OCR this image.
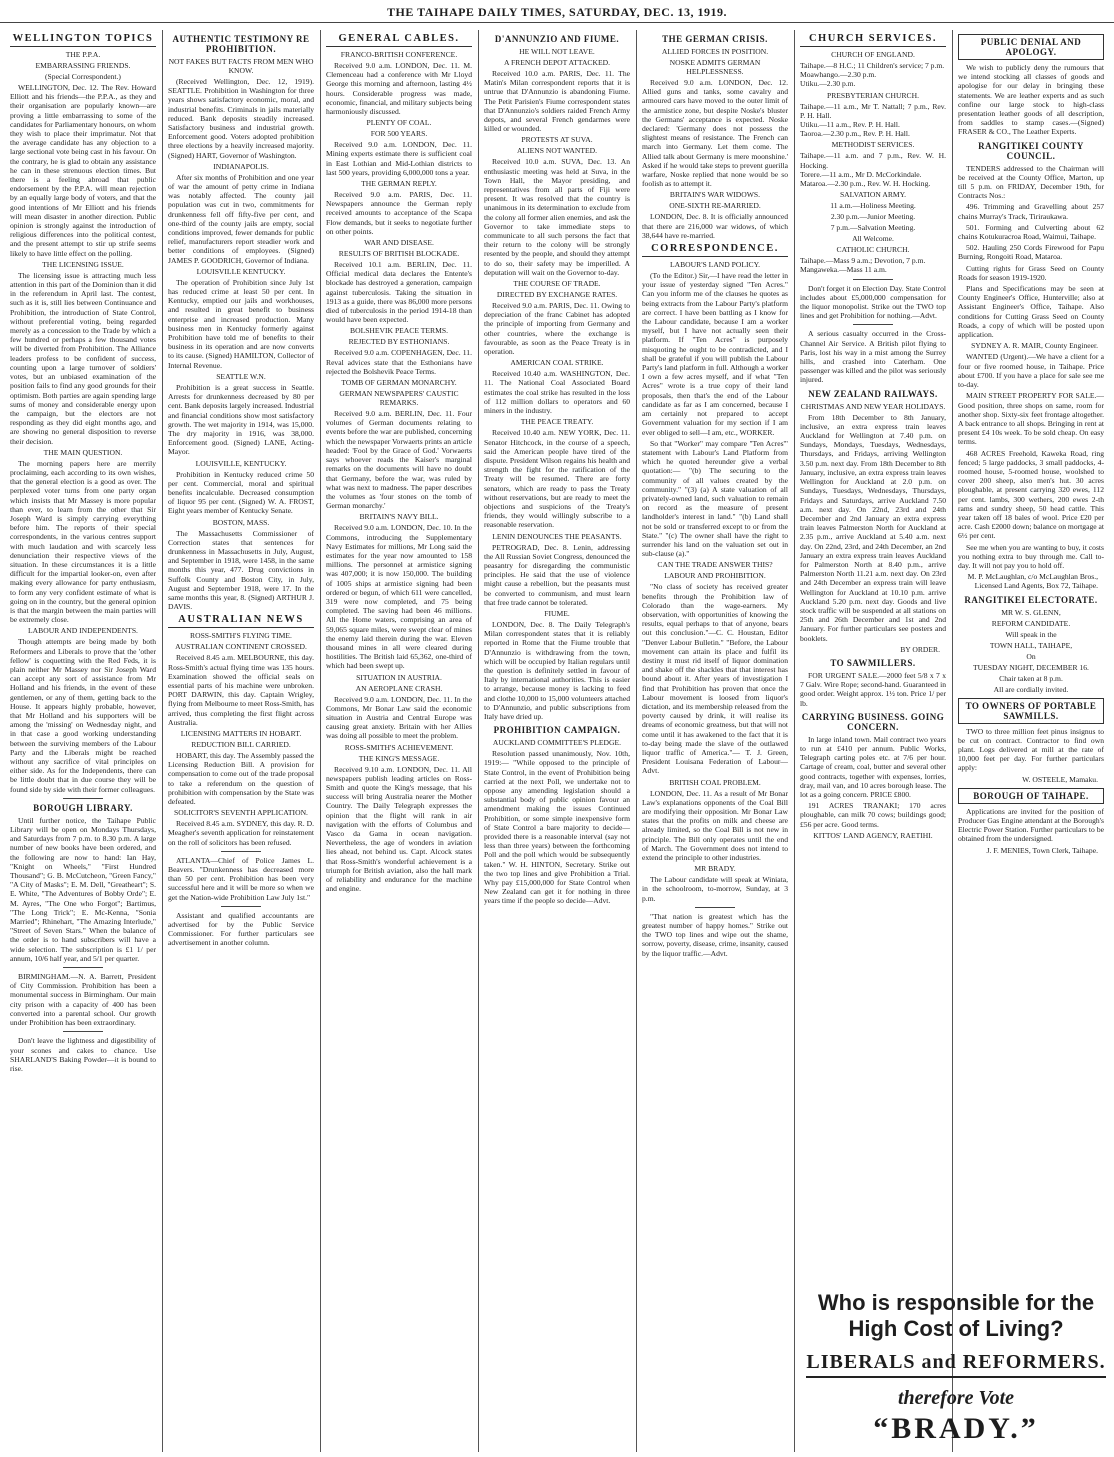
THE TAIHAPE DAILY TIMES, SATURDAY, DEC. 13, 1919.
WELLINGTON TOPICS
THE P.P.A.
EMBARRASSING FRIENDS.
(Special Correspondent.)

WELLINGTON, Dec. 12. The Rev. Howard Elliott and his friends—the P.P.A., as they and their organisation are popularly known—are proving a little embarrassing to some of the candidates for Parliamentary honours, on whom they wish to place their imprimatur. Not that the average candidate has any objection to a large sectional vote being cast in his favour. On the contrary, he is glad to obtain any assistance he can in these strenuous election times. But there is a feeling abroad that public endorsement by the P.P.A. will mean rejection by an equally large body of voters, and that the good intentions of Mr Elliott and his friends will mean disaster in another direction. Public opinion is strongly against the introduction of religious differences into the political contest, and the present attempt to stir up strife seems likely to have little effect on the polling.

THE LICENSING ISSUE.

The licensing issue is attracting much less attention in this part of the Dominion than it did in the referendum in April last. The contest, such as it is, still lies between Continuance and Prohibition, the introduction of State Control, without preferential voting, being regarded merely as a concession to the Trade by which a few hundred or perhaps a few thousand votes will be diverted from Prohibition. The Alliance leaders profess to be confident of success, counting upon a large turnover of soldiers' votes, but an unbiased examination of the position fails to find any good grounds for their optimism. Both parties are again spending large sums of money and considerable energy upon the campaign, but the electors are not responding as they did eight months ago, and are showing no general disposition to reverse their decision.

THE MAIN QUESTION.

The morning papers here are merrily proclaiming, each according to its own wishes, that the general election is a good as over. The perplexed voter turns from one party organ which insists that Mr Massey is more popular than ever, to learn from the other that Sir Joseph Ward is simply carrying everything before him. The reports of their special correspondents, in the various centres support with much laudation and with scarcely less denunciation their respective views of the situation. In these circumstances it is a little difficult for the impartial looker-on, even after making every allowance for party enthusiasm, to form any very confident estimate of what is going on in the country, but the general opinion is that the margin between the main parties will be extremely close.

LABOUR AND INDEPENDENTS.

Though attempts are being made by both Reformers and Liberals to prove that the 'other fellow' is coquetting with the Red Feds, it is plain neither Mr Massey nor Sir Joseph Ward can accept any sort of assistance from Mr Holland and his friends, in the event of these gentlemen, or any of them, getting back to the House. It appears highly probable, however, that Mr Holland and his supporters will be among the 'missing' on Wednesday night, and in that case a good working understanding between the surviving members of the Labour Party and the Liberals might be reached without any sacrifice of vital principles on either side. As for the Independents, there can be little doubt that in due course they will be found side by side with their former colleagues.

BOROUGH LIBRARY.

Until further notice, the Taihape Public Library will be open on Mondays Thursdays, and Saturdays from 7 p.m. to 8.30 p.m. A large number of new books have been ordered, and the following are now to hand: Ian Hay, "Knight on Wheels," "First Hundred Thousand"; G. B. McCutcheon, "Green Fancy," "A City of Masks"; E. M. Dell, "Greatheart"; S. E. White, "The Adventures of Bobby Orde"; E. M. Ayres, "The One who Forgot"; Bartimus, "The Long Trick"; E. Mc-Kenna, "Sonia Married"; Rhinehart, "The Amazing Interlude," "Street of Seven Stars." When the balance of the order is to hand subscribers will have a wide selection. The subscription is £1 1/ per annum, 10/6 half year, and 5/1 per quarter.

BIRMINGHAM.—N. A. Barrett, President of City Commission. Prohibition has been a monumental success in Birmingham. Our main city prison with a capacity of 400 has been converted into a parental school. Our growth under Prohibition has been extraordinary.

Don't leave the lightness and digestibility of your scones and cakes to chance. Use SHARLAND'S Baking Powder—it is bound to rise.

AUTHENTIC TESTIMONY RE PROHIBITION.
NOT FAKES BUT FACTS FROM MEN WHO KNOW.

(Received Wellington, Dec. 12, 1919). SEATTLE. Prohibition in Washington for three years shows satisfactory economic, moral, and industrial benefits. Criminals in jails materially reduced. Bank deposits steadily increased. Satisfactory business and industrial growth. Enforcement good. Voters adopted prohibition three elections by a heavily increased majority. (Signed) HART, Governor of Washington.

INDIANAPOLIS.

After six months of Prohibition and one year of war the amount of petty crime in Indiana was notably affected. The county jail population was cut in two, commitments for drunkenness fell off fifty-five per cent, and one-third of the county jails are empty, social conditions improved, fewer demands for public relief, manufacturers report steadier work and better conditions of employees. (Signed) JAMES P. GOODRICH, Governor of Indiana.

LOUISVILLE KENTUCKY.

The operation of Prohibition since July 1st has reduced crime at least 50 per cent. In Kentucky, emptied our jails and workhouses, and resulted in great benefit to business enterprise and increased production. Many business men in Kentucky formerly against Prohibition have told me of benefits to their business in its operation and are now converts to its cause. (Signed) HAMILTON, Collector of Internal Revenue.

SEATTLE W.N.

Prohibition is a great success in Seattle. Arrests for drunkenness decreased by 80 per cent. Bank deposits largely increased. Industrial and financial conditions show most satisfactory growth. The wet majority in 1914, was 15,000. The dry majority in 1916, was 38,000. Enforcement good. (Signed) LANE, Acting-Mayor.

LOUISVILLE, KENTUCKY.

Prohibition in Kentucky reduced crime 50 per cent. Commercial, moral and spiritual benefits incalculable. Decreased consumption of liquor 95 per cent. (Signed) W. A. FROST, Eight years member of Kentucky Senate.

BOSTON, MASS.

The Massachusetts Commissioner of Correction states that sentences for drunkenness in Massachusetts in July, August, and September in 1918, were 1458, in the same months this year, 477. Drug convictions in Suffolk County and Boston City, in July, August and September 1918, were 17. In the same months this year, 8. (Signed) ARTHUR J. DAVIS.

AUSTRALIAN NEWS
ROSS-SMITH'S FLYING TIME.
AUSTRALIAN CONTINENT CROSSED.

Received 8.45 a.m. MELBOURNE, this day. Ross-Smith's actual flying time was 135 hours. Examination showed the official seals on essential parts of his machine were unbroken. PORT DARWIN, this day. Captain Wrigley, flying from Melbourne to meet Ross-Smith, has arrived, thus completing the first flight across Australia.

LICENSING MATTERS IN HOBART.
REDUCTION BILL CARRIED.

HOBART, this day. The Assembly passed the Licensing Reduction Bill. A provision for compensation to come out of the trade proposal to take a referendum on the question of prohibition with compensation by the State was defeated.

SOLICITOR'S SEVENTH APPLICATION.

Received 8.45 a.m. SYDNEY, this day. R. D. Meagher's seventh application for reinstatement on the roll of solicitors has been refused.

ATLANTA—Chief of Police James L. Beavers. "Drunkenness has decreased more than 50 per cent. Prohibition has been very successful here and it will be more so when we get the Nation-wide Prohibition Law July 1st."

Assistant and qualified accountants are advertised for by the Public Service Commissioner. For further particulars see advertisement in another column.

GENERAL CABLES.
FRANCO-BRITISH CONFERENCE.

Received 9.0 a.m. LONDON, Dec. 11. M. Clemenceau had a conference with Mr Lloyd George this morning and afternoon, lasting 4½ hours. Considerable progress was made, economic, financial, and military subjects being harmoniously discussed.

PLENTY OF COAL.
FOR 500 YEARS.

Received 9.0 a.m. LONDON, Dec. 11. Mining experts estimate there is sufficient coal in East Lothian and Mid-Lothian districts to last 500 years, providing 6,000,000 tons a year.

THE GERMAN REPLY.

Received 9.0 a.m. PARIS, Dec. 11. Newspapers announce the German reply received amounts to acceptance of the Scapa Flow demands, but it seeks to negotiate further on other points.

WAR AND DISEASE.
RESULTS OF BRITISH BLOCKADE.

Received 10.1 a.m. BERLIN, Dec. 11. Official medical data declares the Entente's blockade has destroyed a generation, campaign against tuberculosis. Taking the situation in 1913 as a guide, there was 86,000 more persons died of tuberculosis in the period 1914-18 than would have been expected.

BOLSHEVIK PEACE TERMS.
REJECTED BY ESTHONIANS.

Received 9.0 a.m. COPENHAGEN, Dec. 11. Reval advices state that the Esthonians have rejected the Bolshevik Peace Terms.

TOMB OF GERMAN MONARCHY.
GERMAN NEWSPAPERS' CAUSTIC REMARKS.

Received 9.0 a.m. BERLIN, Dec. 11. Four volumes of German documents relating to events before the war are published, concerning which the newspaper Vorwaerts prints an article headed: 'Fool by the Grace of God.' Vorwaerts says whoever reads the Kaiser's marginal remarks on the documents will have no doubt that Germany, before the war, was ruled by what was next to madness. The paper describes the volumes as 'four stones on the tomb of German monarchy.'

BRITAIN'S NAVY BILL.

Received 9.0 a.m. LONDON, Dec. 10. In the Commons, introducing the Supplementary Navy Estimates for millions, Mr Long said the estimates for the year now amounted to 158 millions. The personnel at armistice signing was 407,000; it is now 150,000. The building of 1005 ships at armistice signing had been ordered or begun, of which 611 were cancelled, 319 were now completed, and 75 being completed. The saving had been 46 millions. All the Home waters, comprising an area of 59,065 square miles, were swept clear of mines the enemy laid therein during the war. Eleven thousand mines in all were cleared during hostilities. The British laid 65,362, one-third of which had been swept up.

SITUATION IN AUSTRIA.
AN AEROPLANE CRASH.

Received 9.0 a.m. LONDON, Dec. 11. In the Commons, Mr Bonar Law said the economic situation in Austria and Central Europe was causing great anxiety. Britain with her Allies was doing all possible to meet the problem.

ROSS-SMITH'S ACHIEVEMENT.
THE KING'S MESSAGE.

Received 9.10 a.m. LONDON, Dec. 11. All newspapers publish leading articles on Ross-Smith and quote the King's message, that his success will bring Australia nearer the Mother Country. The Daily Telegraph expresses the opinion that the flight will rank in air navigation with the efforts of Columbus and Vasco da Gama in ocean navigation. Nevertheless, the age of wonders in aviation lies ahead, not behind us. Capt. Alcock states that Ross-Smith's wonderful achievement is a triumph for British aviation, also the hall mark of reliability and endurance for the machine and engine.

D'ANNUNZIO AND FIUME.
HE WILL NOT LEAVE.
A FRENCH DEPOT ATTACKED.

Received 10.0 a.m. PARIS, Dec. 11. The Matin's Milan correspondent reports that it is untrue that D'Annunzio is abandoning Fiume. The Petit Parisien's Fiume correspondent states that D'Annunzio's soldiers raided French Army depots, and several French gendarmes were killed or wounded.

PROTESTS AT SUVA.
ALIENS NOT WANTED.

Received 10.0 a.m. SUVA, Dec. 13. An enthusiastic meeting was held at Suva, in the Town Hall, the Mayor presiding, and representatives from all parts of Fiji were present. It was resolved that the country is unanimous in its determination to exclude from the colony all former alien enemies, and ask the Governor to take immediate steps to communicate to all such persons the fact that their return to the colony will be strongly resented by the people, and should they attempt to do so, their safety may be imperilled. A deputation will wait on the Governor to-day.

THE COURSE OF TRADE.
DIRECTED BY EXCHANGE RATES.

Received 9.0 a.m. PARIS, Dec. 11. Owing to depreciation of the franc Cabinet has adopted the principle of importing from Germany and other countries, where the exchange is favourable, as soon as the Peace Treaty is in operation.

AMERICAN COAL STRIKE.

Received 10.40 a.m. WASHINGTON, Dec. 11. The National Coal Associated Board estimates the coal strike has resulted in the loss of 112 million dollars to operators and 60 miners in the industry.

THE PEACE TREATY.

Received 10.40 a.m. NEW YORK, Dec. 11. Senator Hitchcock, in the course of a speech, said the American people have tired of the dispute. President Wilson regains his health and strength the fight for the ratification of the Treaty will be resumed. There are forty senators, which are ready to pass the Treaty without reservations, but are ready to meet the objections and suspicions of the Treaty's friends, they would willingly subscribe to a reasonable reservation.

LENIN DENOUNCES THE PEASANTS.

PETROGRAD, Dec. 8. Lenin, addressing the All Russian Soviet Congress, denounced the peasantry for disregarding the communistic principles. He said that the use of violence might cause a rebellion, but the peasants must be converted to communism, and must learn that free trade cannot be tolerated.

FIUME.

LONDON, Dec. 8. The Daily Telegraph's Milan correspondent states that it is reliably reported in Rome that the Fiume trouble that D'Annunzio is withdrawing from the town, which will be occupied by Italian regulars until the question is definitely settled in favour of Italy by international authorities. This is easier to arrange, because money is lacking to feed and clothe 10,000 to 15,000 volunteers attached to D'Annunzio, and public subscriptions from Italy have dried up.

PROHIBITION CAMPAIGN.
AUCKLAND COMMITTEE'S PLEDGE.

Resolution passed unanimously, Nov. 10th, 1919:— "While opposed to the principle of State Control, in the event of Prohibition being carried at the next Poll, we undertake not to oppose any amending legislation should a substantial body of public opinion favour an amendment making the issues Continued Prohibition, or some simple inexpensive form of State Control a bare majority to decide—provided there is a reasonable interval (say not less than three years) between the forthcoming Poll and the poll which would be subsequently taken." W. H. HINTON, Secretary. Strike out the two top lines and give Prohibition a Trial. Why pay £15,000,000 for State Control when New Zealand can get it for nothing in three years time if the people so decide—Advt.

THE GERMAN CRISIS.
ALLIED FORCES IN POSITION.
NOSKE ADMITS GERMAN HELPLESSNESS.

Received 9.0 a.m. LONDON, Dec. 12. Allied guns and tanks, some cavalry and armoured cars have moved to the outer limit of the armistice zone, but despite Noske's bluster the Germans' acceptance is expected. Noske declared: 'Germany does not possess the slightest means of resistance. The French can march into Germany. Let them come. The Allied talk about Germany is mere moonshine.' Asked if he would take steps to prevent guerilla warfare, Noske replied that none would be so foolish as to attempt it.

BRITAIN'S WAR WIDOWS.
ONE-SIXTH RE-MARRIED.

LONDON, Dec. 8. It is officially announced that there are 216,000 war widows, of which 38,644 have re-married.

CORRESPONDENCE.
LABOUR'S LAND POLICY.

(To the Editor.) Sir,—I have read the letter in your issue of yesterday signed "Ten Acres." Can you inform me of the clauses he quotes as being extracts from the Labour Party's platform are correct. I have been battling as I know for the Labour candidate, because I am a worker myself, but I have not actually seen their platform. If "Ten Acres" is purposely misquoting he ought to be contradicted, and I shall be grateful if you will publish the Labour Party's land platform in full. Although a worker I own a few acres myself, and if what "Ten Acres" wrote is a true copy of their land proposals, then that's the end of the Labour candidate as far as I am concerned, because I am certainly not prepared to accept Government valuation for my section if I am ever obliged to sell—I am, etc., WORKER.

So that "Worker" may compare "Ten Acres'" statement with Labour's Land Platform from which he quoted hereunder give a verbal quotation:— "(b) The securing to the community of all values created by the community." "(3) (a) A state valuation of all privately-owned land, such valuation to remain on record as the measure of present landholder's interest in land." "(b) Land shall not be sold or transferred except to or from the State." "(c) The owner shall have the right to surrender his land on the valuation set out in sub-clause (a)."

CAN THE TRADE ANSWER THIS?
LABOUR AND PROHIBITION.

"No class of society has received greater benefits through the Prohibition law of Colorado than the wage-earners. My observation, with opportunities of knowing the results, equal perhaps to that of anyone, bears out this conclusion."—C. C. Houstan, Editor "Denver Labour Bulletin." "Before, the Labour movement can attain its place and fulfil its destiny it must rid itself of liquor domination and shake off the shackles that that interest has bound about it. After years of investigation I find that Prohibition has proven that once the Labour movement is loosed from liquor's dictation, and its membership released from the poverty caused by drink, it will realise its dreams of economic greatness, but that will not come until it has awakened to the fact that it is to-day being made the slave of the outlawed liquor traffic of America."— T. J. Green, President Louisana Federation of Labour—Advt.

BRITISH COAL PROBLEM.

LONDON, Dec. 11. As a result of Mr Bonar Law's explanations opponents of the Coal Bill are modifying their opposition. Mr Bonar Law states that the profits on milk and cheese are already limited, so the Coal Bill is not new in principle. The Bill only operates until the end of March. The Government does not intend to extend the principle to other industries.

MR BRADY.

The Labour candidate will speak at Winiata, in the schoolroom, to-morrow, Sunday, at 3 p.m.

"That nation is greatest which has the greatest number of happy homes." Strike out the TWO top lines and wipe out the shame, sorrow, poverty, disease, crime, insanity, caused by the liquor traffic.—Advt.

CHURCH SERVICES.
CHURCH OF ENGLAND.
Taihape.—8 H.C.; 11 Children's service; 7 p.m.
Moawhango.—2.30 p.m.
Utiku.—2.30 p.m.
PRESBYTERIAN CHURCH.
Taihape.—11 a.m., Mr T. Nattall; 7 p.m., Rev. P. H. Hall.
Utiku.—11 a.m., Rev. P. H. Hall.
Taoroa.—2.30 p.m., Rev. P. H. Hall.
METHODIST SERVICES.
Taihape.—11 a.m. and 7 p.m., Rev. W. H. Hocking.
Torere.—11 a.m., Mr D. McCorkindale.
Mataroa.—2.30 p.m., Rev. W. H. Hocking.
SALVATION ARMY.
11 a.m.—Holiness Meeting.
2.30 p.m.—Junior Meeting.
7 p.m.—Salvation Meeting.
All Welcome.
CATHOLIC CHURCH.
Taihape.—Mass 9 a.m.; Devotion, 7 p.m.
Mangaweka.—Mass 11 a.m.

Don't forget it on Election Day. State Control includes about £5,000,000 compensation for the liquor monopolist. Strike out the TWO top lines and get Prohibition for nothing.—Advt.

A serious casualty occurred in the Cross-Channel Air Service. A British pilot flying to Paris, lost his way in a mist among the Surrey hills, and crashed into Caterham. One passenger was killed and the pilot was seriously injured.

NEW ZEALAND RAILWAYS.
CHRISTMAS AND NEW YEAR HOLIDAYS.

From 18th December to 8th January, inclusive, an extra express train leaves Auckland for Wellington at 7.40 p.m. on Sundays, Mondays, Tuesdays, Wednesdays, Thursdays, and Fridays, arriving Wellington 3.50 p.m. next day. From 18th December to 8th January, inclusive, an extra express train leaves Wellington for Auckland at 2.0 p.m. on Sundays, Tuesdays, Wednesdays, Thursdays, Fridays and Saturdays, arrive Auckland 7.50 a.m. next day. On 22nd, 23rd and 24th December and 2nd January an extra express train leaves Palmerston North for Auckland at 2.35 p.m., arrive Auckland at 5.40 a.m. next day. On 22nd, 23rd, and 24th December, an 2nd January an extra express train leaves Auckland for Palmerston North at 8.40 p.m., arrive Palmerston North 11.21 a.m. next day. On 23rd and 24th December an express train will leave Wellington for Auckland at 10.10 p.m. arrive Auckland 5.20 p.m. next day. Goods and live stock traffic will be suspended at all stations on 25th and 26th December and 1st and 2nd January. For further particulars see posters and booklets.

BY ORDER.
TO SAWMILLERS.

FOR URGENT SALE.—2000 feet 5/8 x 7 x 7 Galv. Wire Rope; second-hand. Guaranteed in good order. Weight approx. 1½ ton. Price 1/ per lb.

CARRYING BUSINESS. GOING CONCERN.

In large inland town. Mail contract two years to run at £410 per annum. Public Works, Telegraph carting poles etc. at 7/6 per hour. Cartage of cream, coal, butter and several other good contracts, together with expenses, lorries, dray, mail van, and 10 acres borough lease. The lot as a going concern. PRICE £800.

191 ACRES TRANAKI; 170 acres ploughable, can milk 70 cows; buildings good; £56 per acre. Good terms.

KITTOS' LAND AGENCY, RAETIHI.
PUBLIC DENIAL AND APOLOGY.

We wish to publicly deny the rumours that we intend stocking all classes of goods and apologise for our delay in bringing these statements. We are leather experts and as such confine our large stock to high-class presentation leather goods of all description, from saddles to stamp cases.—(Signed) FRASER & CO., The Leather Experts.

RANGITIKEI COUNTY COUNCIL.

TENDERS addressed to the Chairman will be received at the County Office, Marton, up till 5 p.m. on FRIDAY, December 19th, for Contracts Nos.:

496. Trimming and Gravelling about 257 chains Murray's Track, Tiriraukawa.

501. Forming and Culverting about 62 chains Kotukuracroa Road, Waimui, Taihape.

502. Hauling 250 Cords Firewood for Papu Burning, Rongoiti Road, Mataroa.

Cutting rights for Grass Seed on County Roads for season 1919-1920.

Plans and Specifications may be seen at County Engineer's Office, Hunterville; also at Assistant Engineer's Office, Taihape. Also conditions for Cutting Grass Seed on County Roads, a copy of which will be posted upon application.

SYDNEY A. R. MAIR, County Engineer.

WANTED (Urgent).—We have a client for a four or five roomed house, in Taihape. Price about £700. If you have a place for sale see me to-day.

MAIN STREET PROPERTY FOR SALE.—Good position, three shops on same, room for another shop. Sixty-six feet frontage altogether. A back entrance to all shops. Bringing in rent at present £4 10s week. To be sold cheap. On easy terms.

468 ACRES Freehold, Kaweka Road, ring fenced; 5 large paddocks, 3 small paddocks, 4-roomed house, 5-roomed house, woolshed to cover 200 sheep, also men's hut. 30 acres ploughable, at present carrying 320 ewes, 112 per cent. lambs, 300 wethers, 200 ewes 2-th rams and sundry sheep, 50 head cattle. This year taken off 18 bales of wool. Price £20 per acre. Cash £2000 down; balance on mortgage at 6½ per cent.

See me when you are wanting to buy, it costs you nothing extra to buy through me. Call to-day. It will not pay you to hold off.

M. P. McLaughlan, c/o McLaughlan Bros., Licensed Land Agents, Box 72, Taihape.
RANGITIKEI ELECTORATE.
MR W. S. GLENN,
REFORM CANDIDATE.
Will speak in the
TOWN HALL, TAIHAPE,
On
TUESDAY NIGHT, DECEMBER 16.
Chair taken at 8 p.m.
All are cordially invited.
TO OWNERS OF PORTABLE SAWMILLS.

TWO to three million feet pinus insignus to be cut on contract. Contractor to find own plant. Logs delivered at mill at the rate of 10,000 feet per day. For further particulars apply:

W. OSTEELE, Mamaku.
BOROUGH OF TAIHAPE.

Applications are invited for the position of Producer Gas Engine attendant at the Borough's Electric Power Station. Further particulars to be obtained from the undersigned.

J. F. MENIES, Town Clerk, Taihape.

Who is responsible for the High Cost of Living?

LIBERALS and REFORMERS.
therefore Vote
“BRADY.”
